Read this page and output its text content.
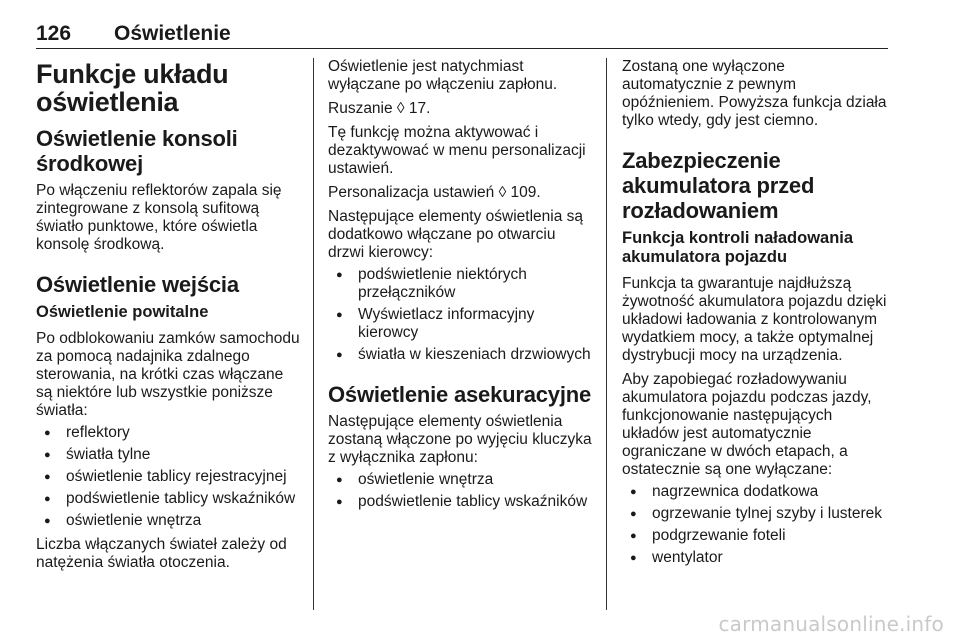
126 Oświetlenie
Funkcje układu oświetlenia
Oświetlenie konsoli środkowej

Po włączeniu reflektorów zapala się zintegrowane z konsolą sufitową światło punktowe, które oświetla konsolę środkową.

Oświetlenie wejścia
Oświetlenie powitalne

Po odblokowaniu zamków samochodu za pomocą nadajnika zdalnego sterowania, na krótki czas włączane są niektóre lub wszystkie poniższe światła:

● reflektory
● światła tylne
● oświetlenie tablicy rejestracyjnej
● podświetlenie tablicy wskaźników
● oświetlenie wnętrza

Liczba włączanych świateł zależy od natężenia światła otoczenia.

Oświetlenie jest natychmiast wyłączane po włączeniu zapłonu.

Ruszanie ◊ 17.

Tę funkcję można aktywować i dezaktywować w menu personalizacji ustawień.

Personalizacja ustawień ◊ 109.

Następujące elementy oświetlenia są dodatkowo włączane po otwarciu drzwi kierowcy:

● podświetlenie niektórych przełączników
● Wyświetlacz informacyjny kierowcy
● światła w kieszeniach drzwiowych
Oświetlenie asekuracyjne

Następujące elementy oświetlenia zostaną włączone po wyjęciu kluczyka z wyłącznika zapłonu:

● oświetlenie wnętrza
● podświetlenie tablicy wskaźników

Zostaną one wyłączone automatycznie z pewnym opóźnieniem. Powyższa funkcja działa tylko wtedy, gdy jest ciemno.

Zabezpieczenie akumulatora przed rozładowaniem
Funkcja kontroli naładowania akumulatora pojazdu

Funkcja ta gwarantuje najdłuższą żywotność akumulatora pojazdu dzięki układowi ładowania z kontrolowanym wydatkiem mocy, a także optymalnej dystrybucji mocy na urządzenia.

Aby zapobiegać rozładowywaniu akumulatora pojazdu podczas jazdy, funkcjonowanie następujących układów jest automatycznie ograniczane w dwóch etapach, a ostatecznie są one wyłączane:

● nagrzewnica dodatkowa
● ogrzewanie tylnej szyby i lusterek
● podgrzewanie foteli
● wentylator
carmanualsonline.info
